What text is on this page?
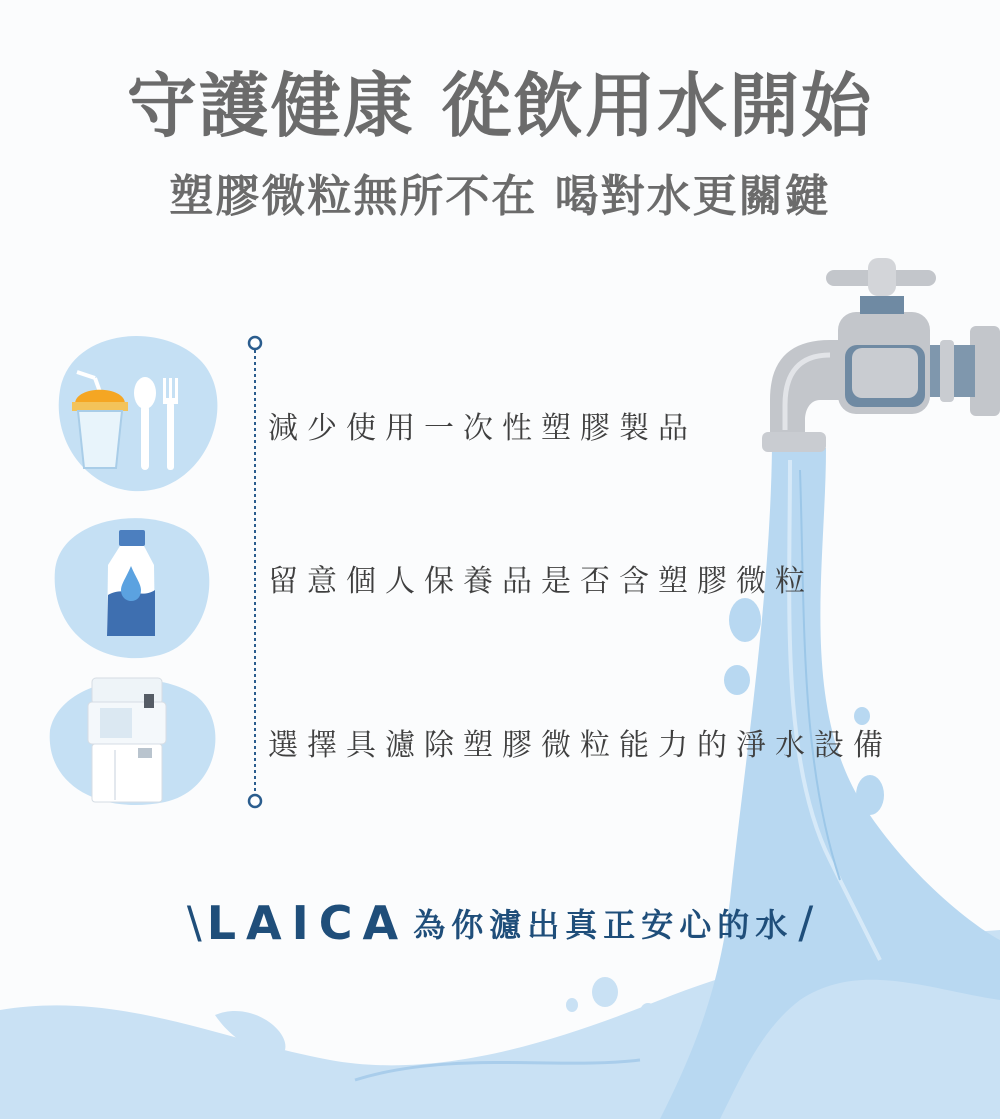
守護健康 從飲用水開始
塑膠微粒無所不在 喝對水更關鍵
減少使用一次性塑膠製品
留意個人保養品是否含塑膠微粒
選擇具濾除塑膠微粒能力的淨水設備
\ LAICA 為你濾出真正安心的水 /
